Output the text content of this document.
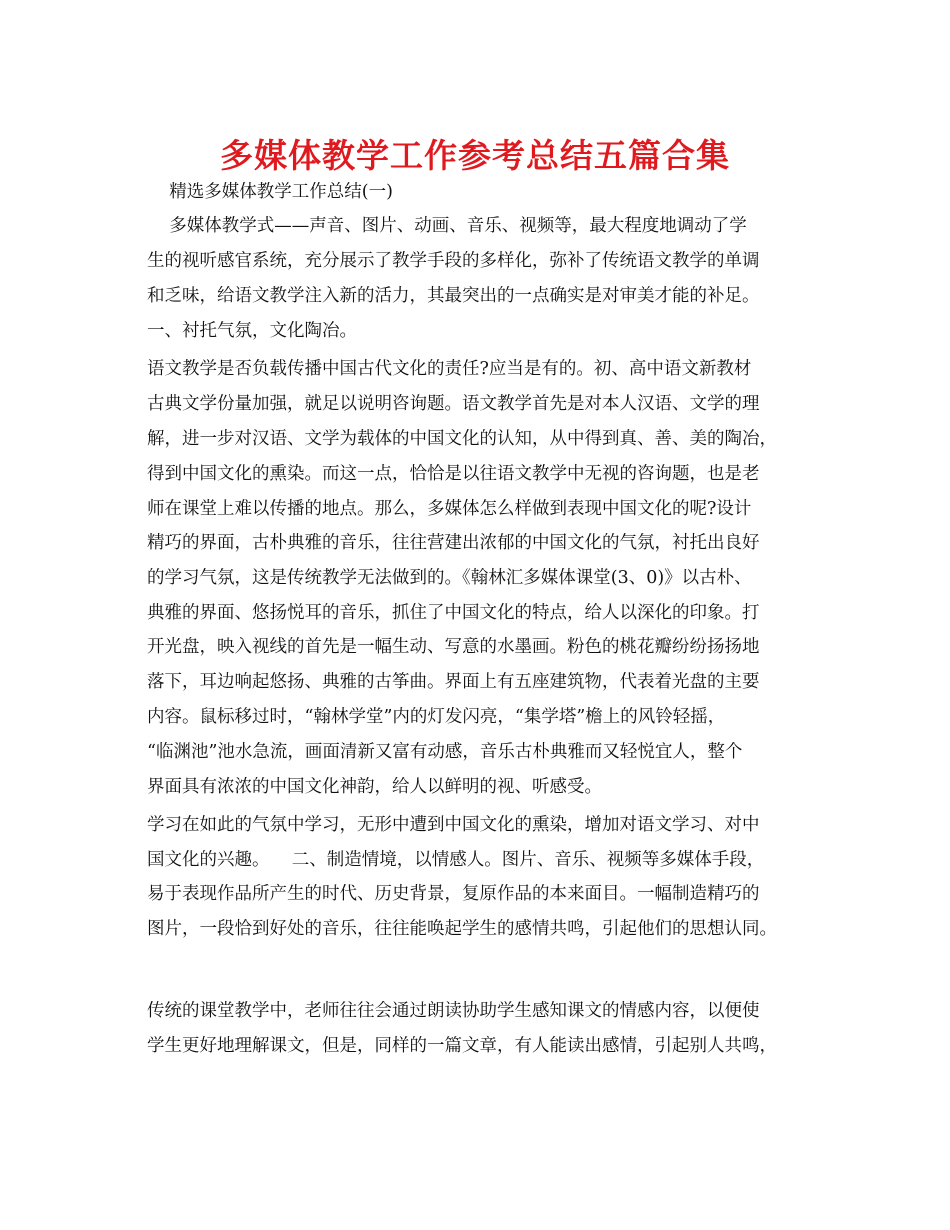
多媒体教学工作参考总结五篇合集

精选多媒体教学工作总结(一)

多媒体教学式——声音、图片、动画、音乐、视频等，最大程度地调动了学

生的视听感官系统，充分展示了教学手段的多样化，弥补了传统语文教学的单调

和乏味，给语文教学注入新的活力，其最突出的一点确实是对审美才能的补足。

一、衬托气氛，文化陶冶。

语文教学是否负载传播中国古代文化的责任?应当是有的。初、高中语文新教材

古典文学份量加强，就足以说明咨询题。语文教学首先是对本人汉语、文学的理

解，进一步对汉语、文学为载体的中国文化的认知，从中得到真、善、美的陶冶，

得到中国文化的熏染。而这一点，恰恰是以往语文教学中无视的咨询题，也是老

师在课堂上难以传播的地点。那么，多媒体怎么样做到表现中国文化的呢?设计

精巧的界面，古朴典雅的音乐，往往营建出浓郁的中国文化的气氛，衬托出良好

的学习气氛，这是传统教学无法做到的。《翰林汇多媒体课堂(3、0)》以古朴、

典雅的界面、悠扬悦耳的音乐，抓住了中国文化的特点，给人以深化的印象。打

开光盘，映入视线的首先是一幅生动、写意的水墨画。粉色的桃花瓣纷纷扬扬地

落下，耳边响起悠扬、典雅的古筝曲。界面上有五座建筑物，代表着光盘的主要

内容。鼠标移过时，“翰林学堂”内的灯发闪亮，“集学塔”檐上的风铃轻摇，

“临渊池”池水急流，画面清新又富有动感，音乐古朴典雅而又轻悦宜人，整个

界面具有浓浓的中国文化神韵，给人以鲜明的视、听感受。

学习在如此的气氛中学习，无形中遭到中国文化的熏染，增加对语文学习、对中

国文化的兴趣。    二、制造情境，以情感人。图片、音乐、视频等多媒体手段，

易于表现作品所产生的时代、历史背景，复原作品的本来面目。一幅制造精巧的

图片，一段恰到好处的音乐，往往能唤起学生的感情共鸣，引起他们的思想认同。

传统的课堂教学中，老师往往会通过朗读协助学生感知课文的情感内容，以便使

学生更好地理解课文，但是，同样的一篇文章，有人能读出感情，引起别人共鸣，
